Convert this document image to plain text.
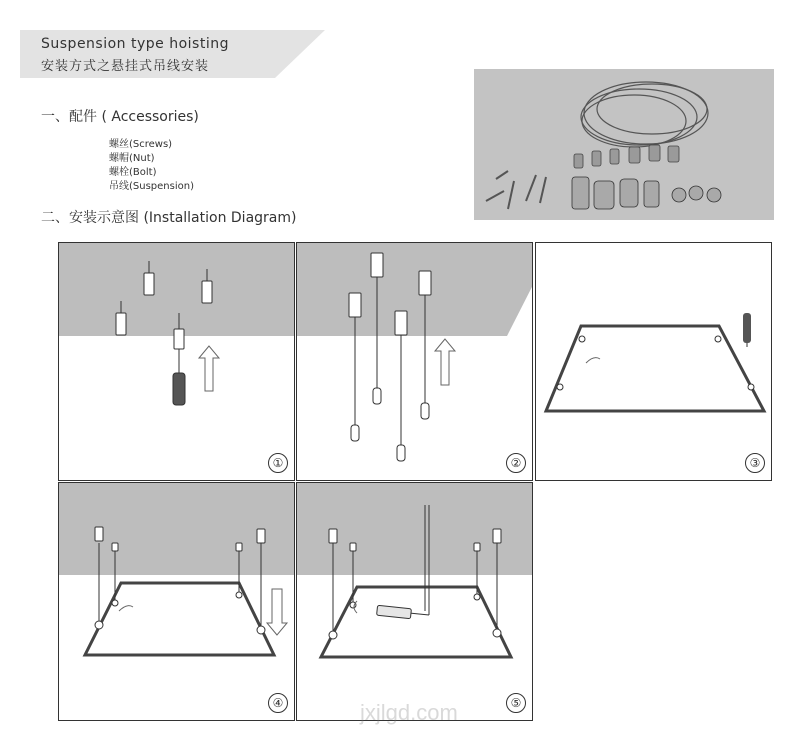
Suspension type hoisting
安装方式之悬挂式吊线安装
一、配件 ( Accessories)
螺丝(Screws)
螺帽(Nut)
螺栓(Bolt)
吊线(Suspension)
二、安装示意图 (Installation Diagram)
①	②	③
④	⑤
jxjlgd.com
